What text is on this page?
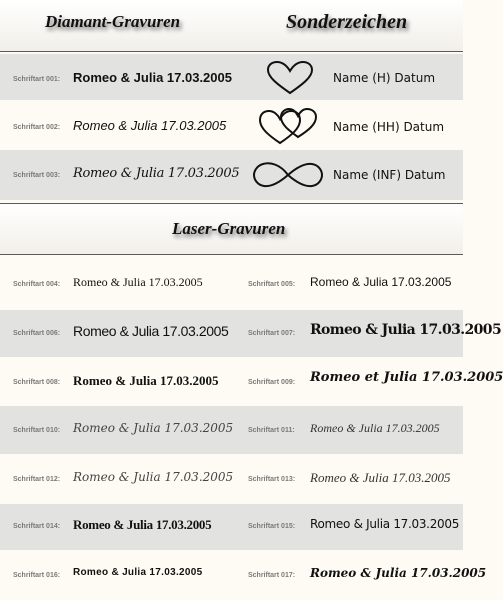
Diamant-Gravuren	Sonderzeichen
Schriftart 001: Romeo & Julia 17.03.2005	Name (H) Datum
Schriftart 002: Romeo & Julia 17.03.2005	Name (HH) Datum
Schriftart 003: Romeo & Julia 17.03.2005	Name (INF) Datum
Laser-Gravuren
Schriftart 004: Romeo & Julia 17.03.2005	Schriftart 005: Romeo & Julia 17.03.2005
Schriftart 006: Romeo & Julia 17.03.2005	Schriftart 007: Romeo & Julia 17.03.2005
Schriftart 008: Romeo & Julia 17.03.2005	Schriftart 009: Romeo et Julia 17.03.2005
Schriftart 010: Romeo & Julia 17.03.2005 Schriftart 011: Romeo & Julia 17.03.2005
Schriftart 012: Romeo & Julia 17.03.2005 Schriftart 013: Romeo & Julia 17.03.2005
Schriftart 014: Romeo & Julia 17.03.2005	Schriftart 015: Romeo & Julia 17.03.2005
Schriftart 016: Romeo & Julia 17.03.2005	Schriftart 017: Romeo & Julia 17.03.2005
